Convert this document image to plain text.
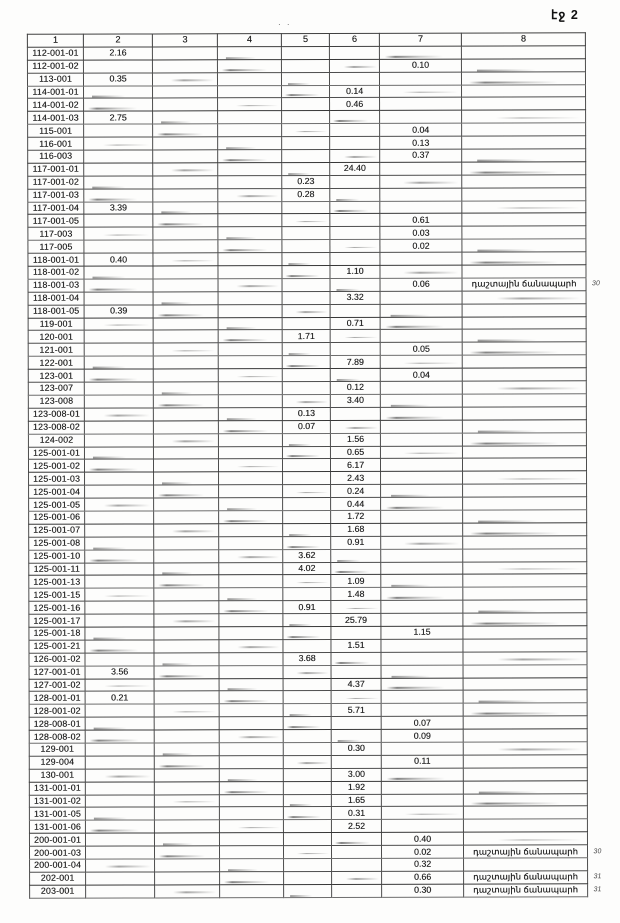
էջ 2
· ·
1	2	3	4	5	6	7	8	
112-001-01	2.16							
112-001-02						0.10		
113-001	0.35							
114-001-01					0.14			
114-001-02					0.46			
114-001-03	2.75							
115-001						0.04		
116-001						0.13		
116-003						0.37		
117-001-01					24.40			
117-001-02				0.23				
117-001-03				0.28				
117-001-04	3.39							
117-001-05						0.61		
117-003						0.03		
117-005						0.02		
118-001-01	0.40							
118-001-02					1.10			
118-001-03						0.06	դաշտային ճանապարհ	30
118-001-04					3.32			
118-001-05	0.39							
119-001					0.71			
120-001				1.71				
121-001						0.05		
122-001					7.89			
123-001						0.04		
123-007					0.12			
123-008					3.40			
123-008-01				0.13				
123-008-02				0.07				
124-002					1.56			
125-001-01					0.65			
125-001-02					6.17			
125-001-03					2.43			
125-001-04					0.24			
125-001-05					0.44			
125-001-06					1.72			
125-001-07					1.68			
125-001-08					0.91			
125-001-10				3.62				
125-001-11				4.02				
125-001-13					1.09			
125-001-15					1.48			
125-001-16				0.91				
125-001-17					25.79			
125-001-18						1.15		
125-001-21					1.51			
126-001-02				3.68				
127-001-01	3.56							
127-001-02					4.37			
128-001-01	0.21							
128-001-02					5.71			
128-008-01						0.07		
128-008-02						0.09		
129-001					0.30			
129-004						0.11		
130-001					3.00			
131-001-01					1.92			
131-001-02					1.65			
131-001-05					0.31			
131-001-06					2.52			
200-001-01						0.40		
200-001-03						0.02	դաշտային ճանապարհ	30
200-001-04						0.32		
202-001						0.66	դաշտային ճանապարհ	31
203-001						0.30	դաշտային ճանապարհ	31
